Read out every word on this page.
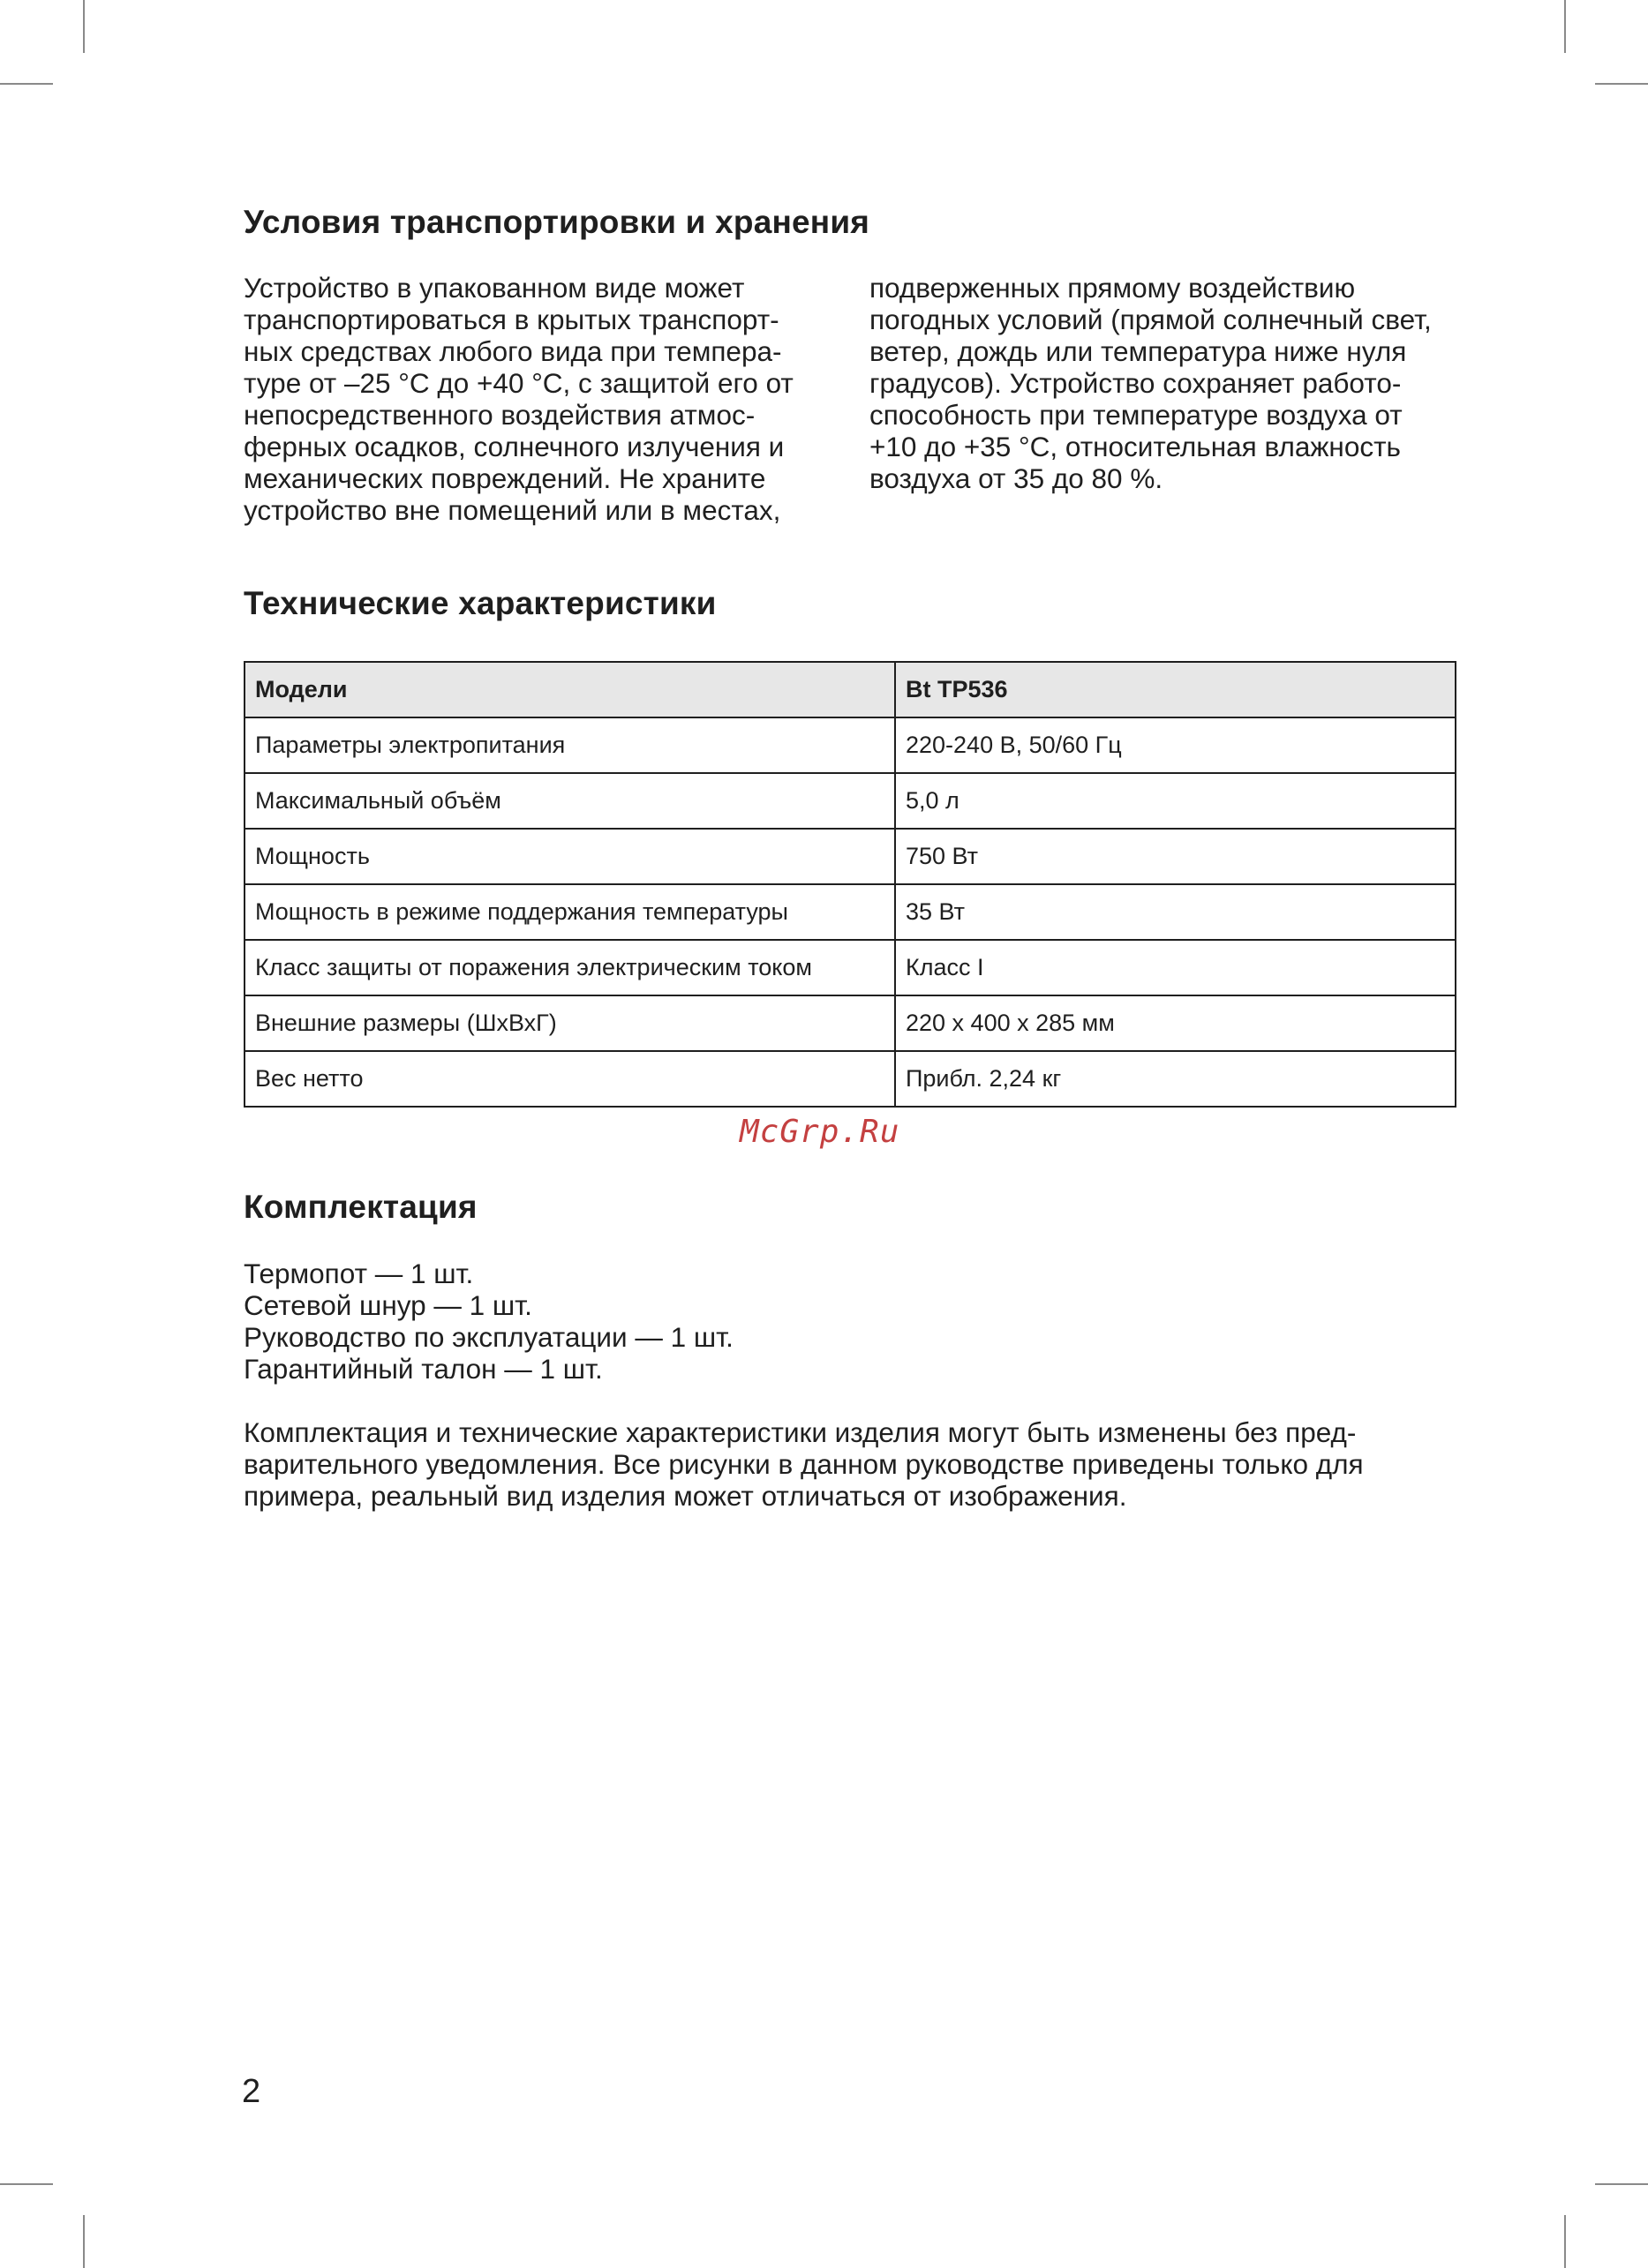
Условия транспортировки и хранения
Устройство в упакованном виде может
транспортироваться в крытых транспорт-
ных средствах любого вида при темпера-
туре от –25 °C до +40 °C, с защитой его от
непосредственного воздействия атмос-
ферных осадков, солнечного излучения и
механических повреждений. Не храните
устройство вне помещений или в местах,
подверженных прямому воздействию
погодных условий (прямой солнечный свет,
ветер, дождь или температура ниже нуля
градусов). Устройство сохраняет работо-
способность при температуре воздуха от
+10 до +35 °C, относительная влажность
воздуха от 35 до 80 %.
Технические характеристики
Модели	Bt TP536
Параметры электропитания	220-240 В, 50/60 Гц
Максимальный объём	5,0 л
Мощность	750 Вт
Мощность в режиме поддержания температуры	35 Вт
Класс защиты от поражения электрическим током	Класс I
Внешние размеры (ШхВхГ)	220 х 400 х 285 мм
Вес нетто	Прибл. 2,24 кг
McGrp.Ru
Комплектация
Термопот — 1 шт.
Сетевой шнур — 1 шт.
Руководство по эксплуатации — 1 шт.
Гарантийный талон — 1 шт.
Комплектация и технические характеристики изделия могут быть изменены без пред-
варительного уведомления. Все рисунки в данном руководстве приведены только для
примера, реальный вид изделия может отличаться от изображения.
2
